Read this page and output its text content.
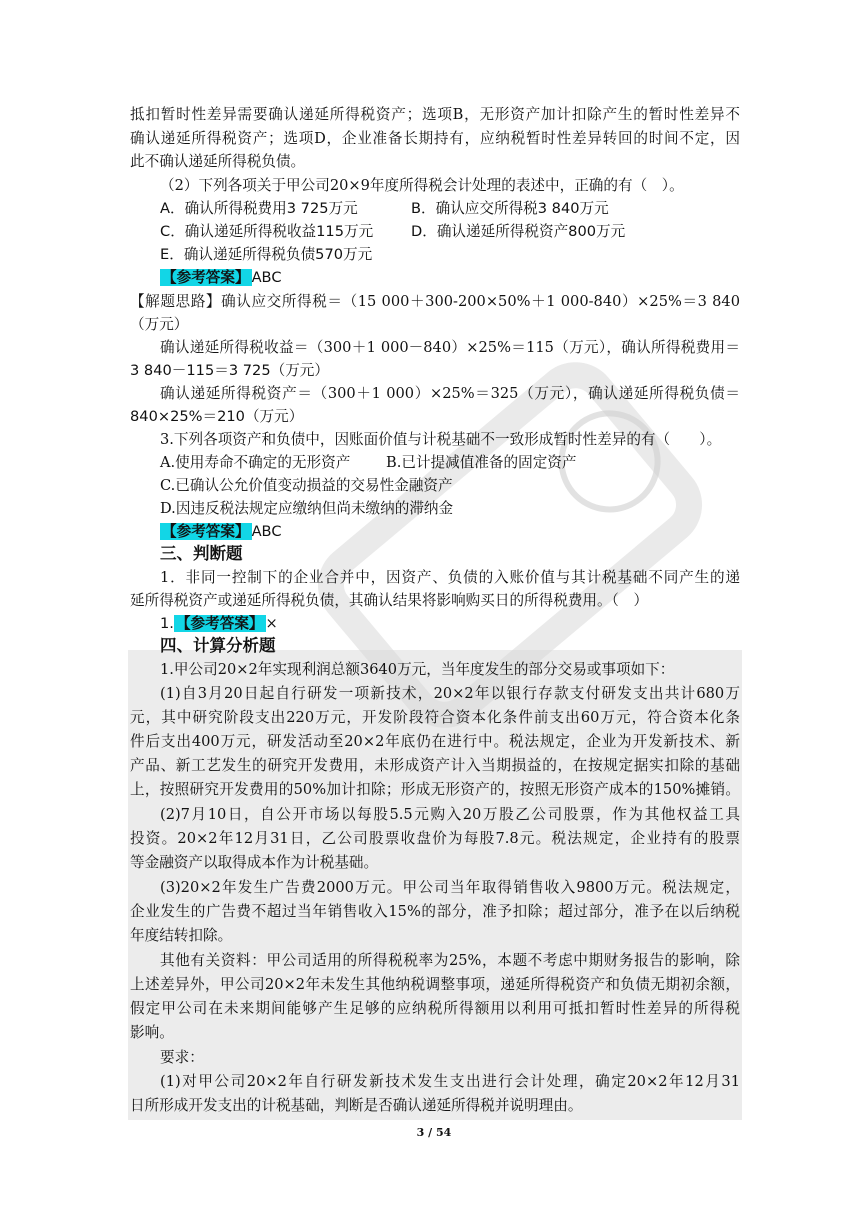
抵扣暂时性差异需要确认递延所得税资产；选项B，无形资产加计扣除产生的暂时性差异不
确认递延所得税资产；选项D，企业准备长期持有，应纳税暂时性差异转回的时间不定，因
此不确认递延所得税负债。
（2）下列各项关于甲公司20×9年度所得税会计处理的表述中，正确的有（　）。
A．确认所得税费用3 725万元	B．确认应交所得税3 840万元
C．确认递延所得税收益115万元	D．确认递延所得税资产800万元
E．确认递延所得税负债570万元
【参考答案】 ABC
【解题思路】确认应交所得税＝（15 000＋300-200×50%＋1 000-840）×25%＝3 840
（万元）
确认递延所得税收益＝（300＋1 000－840）×25%＝115（万元），确认所得税费用＝
3 840－115＝3 725（万元）
确认递延所得税资产＝（300＋1 000）×25%＝325（万元），确认递延所得税负债＝
840×25%＝210（万元）
3.下列各项资产和负债中，因账面价值与计税基础不一致形成暂时性差异的有（　　）。
A.使用寿命不确定的无形资产	B.已计提减值准备的固定资产
C.已确认公允价值变动损益的交易性金融资产
D.因违反税法规定应缴纳但尚未缴纳的滞纳金
【参考答案】 ABC
三、判断题
1．非同一控制下的企业合并中，因资产、负债的入账价值与其计税基础不同产生的递
延所得税资产或递延所得税负债，其确认结果将影响购买日的所得税费用。（　）
1. 【参考答案】 ×
四、计算分析题
1.甲公司20×2年实现利润总额3640万元，当年度发生的部分交易或事项如下：
(1)自3月20日起自行研发一项新技术，20×2年以银行存款支付研发支出共计680万
元，其中研究阶段支出220万元，开发阶段符合资本化条件前支出60万元，符合资本化条
件后支出400万元，研发活动至20×2年底仍在进行中。税法规定，企业为开发新技术、新
产品、新工艺发生的研究开发费用，未形成资产计入当期损益的，在按规定据实扣除的基础
上，按照研究开发费用的50%加计扣除；形成无形资产的，按照无形资产成本的150%摊销。
(2)7月10日，自公开市场以每股5.5元购入20万股乙公司股票，作为其他权益工具
投资。20×2年12月31日，乙公司股票收盘价为每股7.8元。税法规定，企业持有的股票
等金融资产以取得成本作为计税基础。
(3)20×2年发生广告费2000万元。甲公司当年取得销售收入9800万元。税法规定，
企业发生的广告费不超过当年销售收入15%的部分，准予扣除；超过部分，准予在以后纳税
年度结转扣除。
其他有关资料：甲公司适用的所得税税率为25%，本题不考虑中期财务报告的影响，除
上述差异外，甲公司20×2年未发生其他纳税调整事项，递延所得税资产和负债无期初余额，
假定甲公司在未来期间能够产生足够的应纳税所得额用以利用可抵扣暂时性差异的所得税
影响。
要求：
(1)对甲公司20×2年自行研发新技术发生支出进行会计处理，确定20×2年12月31
日所形成开发支出的计税基础，判断是否确认递延所得税并说明理由。
3 / 54
